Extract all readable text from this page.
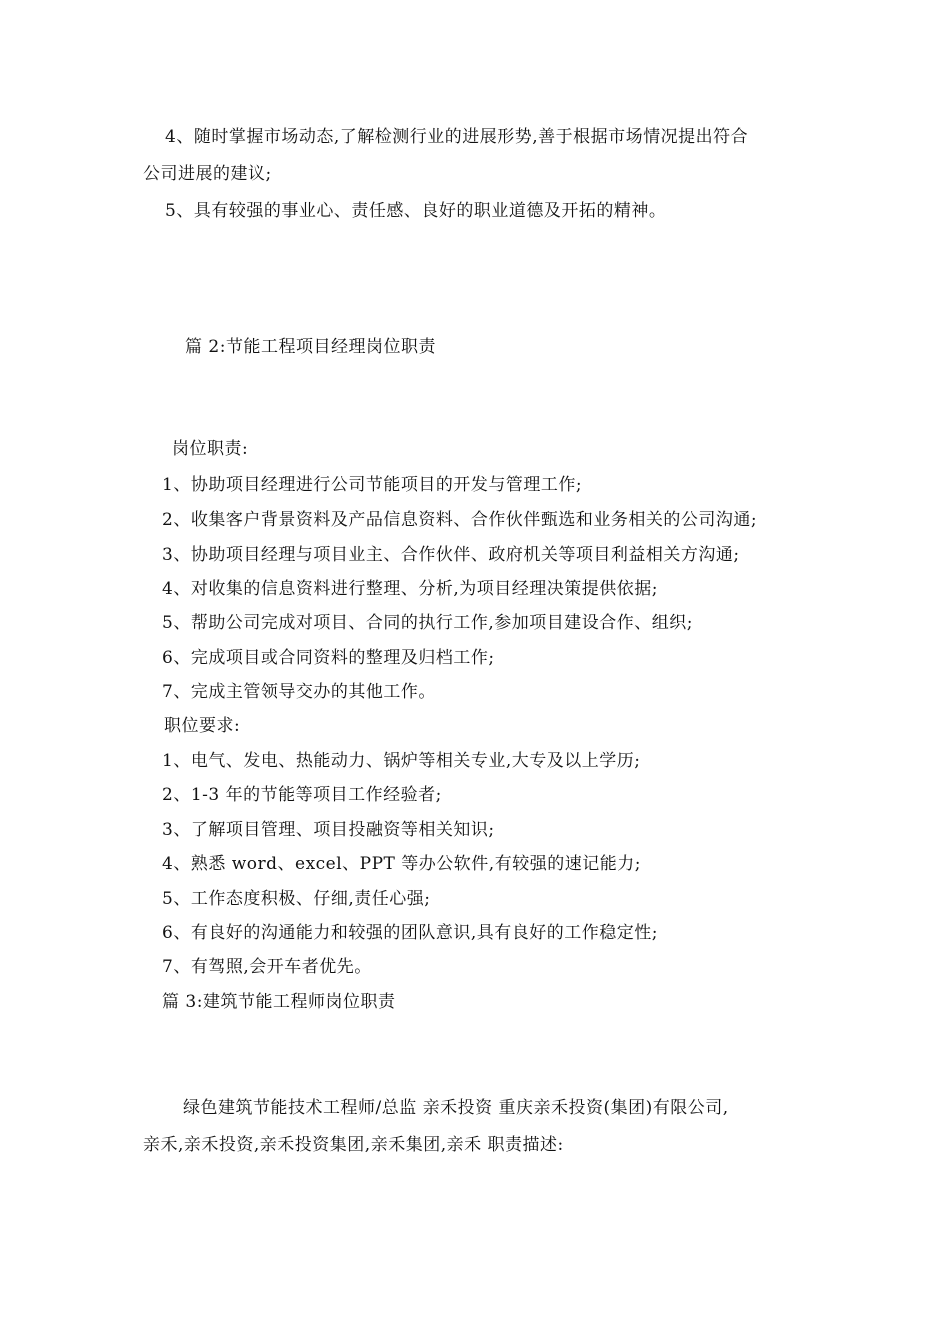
4、随时掌握市场动态,了解检测行业的进展形势,善于根据市场情况提出符合
公司进展的建议;
5、具有较强的事业心、责任感、良好的职业道德及开拓的精神。
篇 2:节能工程项目经理岗位职责
岗位职责:
1、协助项目经理进行公司节能项目的开发与管理工作;
2、收集客户背景资料及产品信息资料、合作伙伴甄选和业务相关的公司沟通;
3、协助项目经理与项目业主、合作伙伴、政府机关等项目利益相关方沟通;
4、对收集的信息资料进行整理、分析,为项目经理决策提供依据;
5、帮助公司完成对项目、合同的执行工作,参加项目建设合作、组织;
6、完成项目或合同资料的整理及归档工作;
7、完成主管领导交办的其他工作。
职位要求:
1、电气、发电、热能动力、锅炉等相关专业,大专及以上学历;
2、1-3 年的节能等项目工作经验者;
3、了解项目管理、项目投融资等相关知识;
4、熟悉 word、excel、PPT 等办公软件,有较强的速记能力;
5、工作态度积极、仔细,责任心强;
6、有良好的沟通能力和较强的团队意识,具有良好的工作稳定性;
7、有驾照,会开车者优先。
篇 3:建筑节能工程师岗位职责
绿色建筑节能技术工程师/总监 亲禾投资 重庆亲禾投资(集团)有限公司,
亲禾,亲禾投资,亲禾投资集团,亲禾集团,亲禾 职责描述:
